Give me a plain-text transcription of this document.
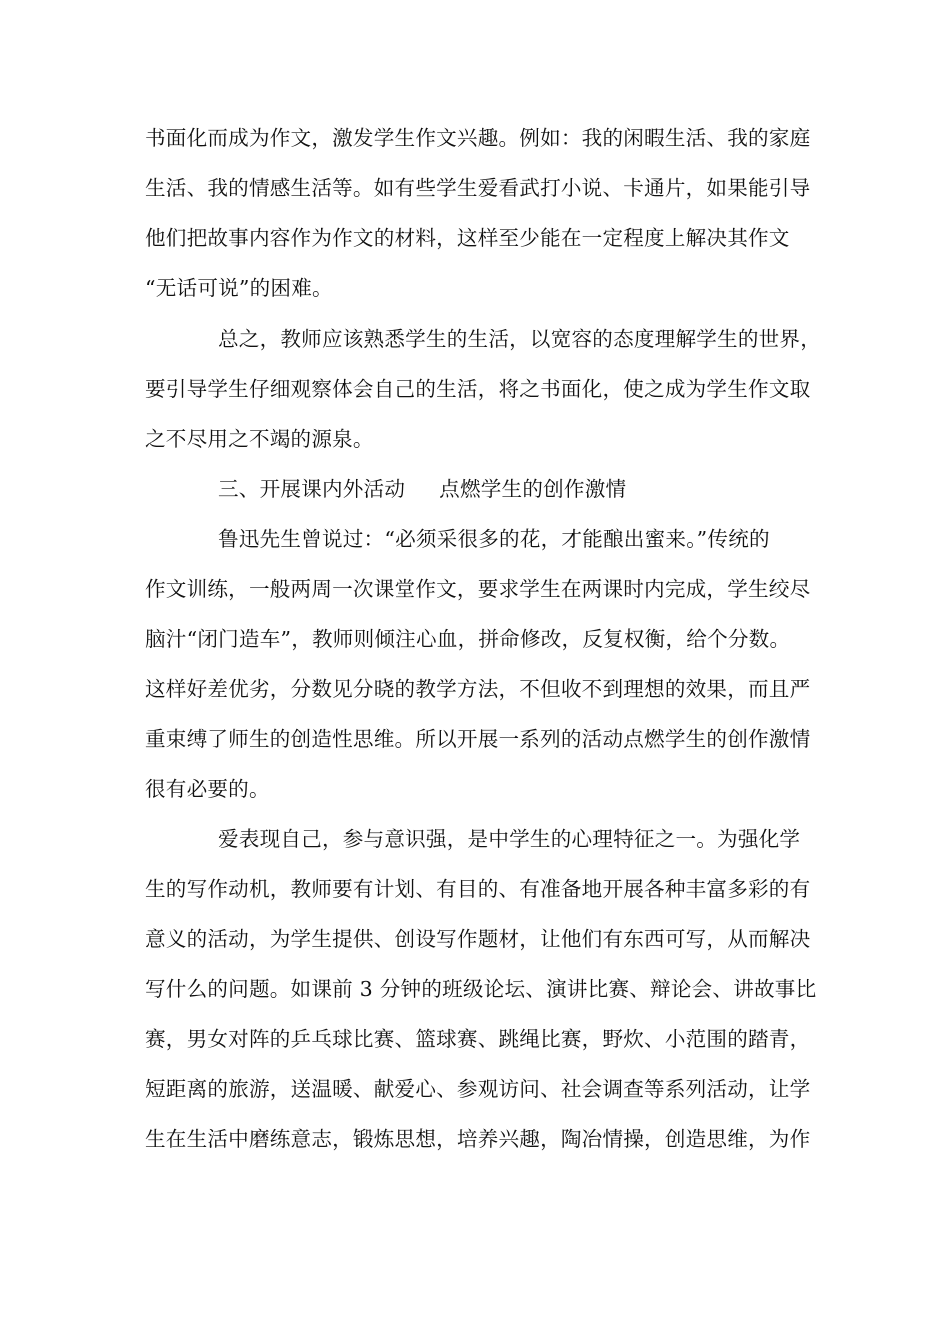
书面化而成为作文，激发学生作文兴趣。例如：我的闲暇生活、我的家庭
生活、我的情感生活等。如有些学生爱看武打小说、卡通片，如果能引导
他们把故事内容作为作文的材料，这样至少能在一定程度上解决其作文
“无话可说”的困难。
总之，教师应该熟悉学生的生活，以宽容的态度理解学生的世界，
要引导学生仔细观察体会自己的生活，将之书面化，使之成为学生作文取
之不尽用之不竭的源泉。
三、开展课内外活动 点燃学生的创作激情
鲁迅先生曾说过：“必须采很多的花，才能酿出蜜来。”传统的
作文训练，一般两周一次课堂作文，要求学生在两课时内完成，学生绞尽
脑汁“闭门造车”，教师则倾注心血，拼命修改，反复权衡，给个分数。
这样好差优劣，分数见分晓的教学方法，不但收不到理想的效果，而且严
重束缚了师生的创造性思维。所以开展一系列的活动点燃学生的创作激情
很有必要的。
爱表现自己，参与意识强，是中学生的心理特征之一。为强化学
生的写作动机，教师要有计划、有目的、有准备地开展各种丰富多彩的有
意义的活动，为学生提供、创设写作题材，让他们有东西可写，从而解决
写什么的问题。如课前 3 分钟的班级论坛、演讲比赛、辩论会、讲故事比
赛，男女对阵的乒乓球比赛、篮球赛、跳绳比赛，野炊、小范围的踏青，
短距离的旅游，送温暖、献爱心、参观访问、社会调查等系列活动，让学
生在生活中磨练意志，锻炼思想，培养兴趣，陶冶情操，创造思维，为作
